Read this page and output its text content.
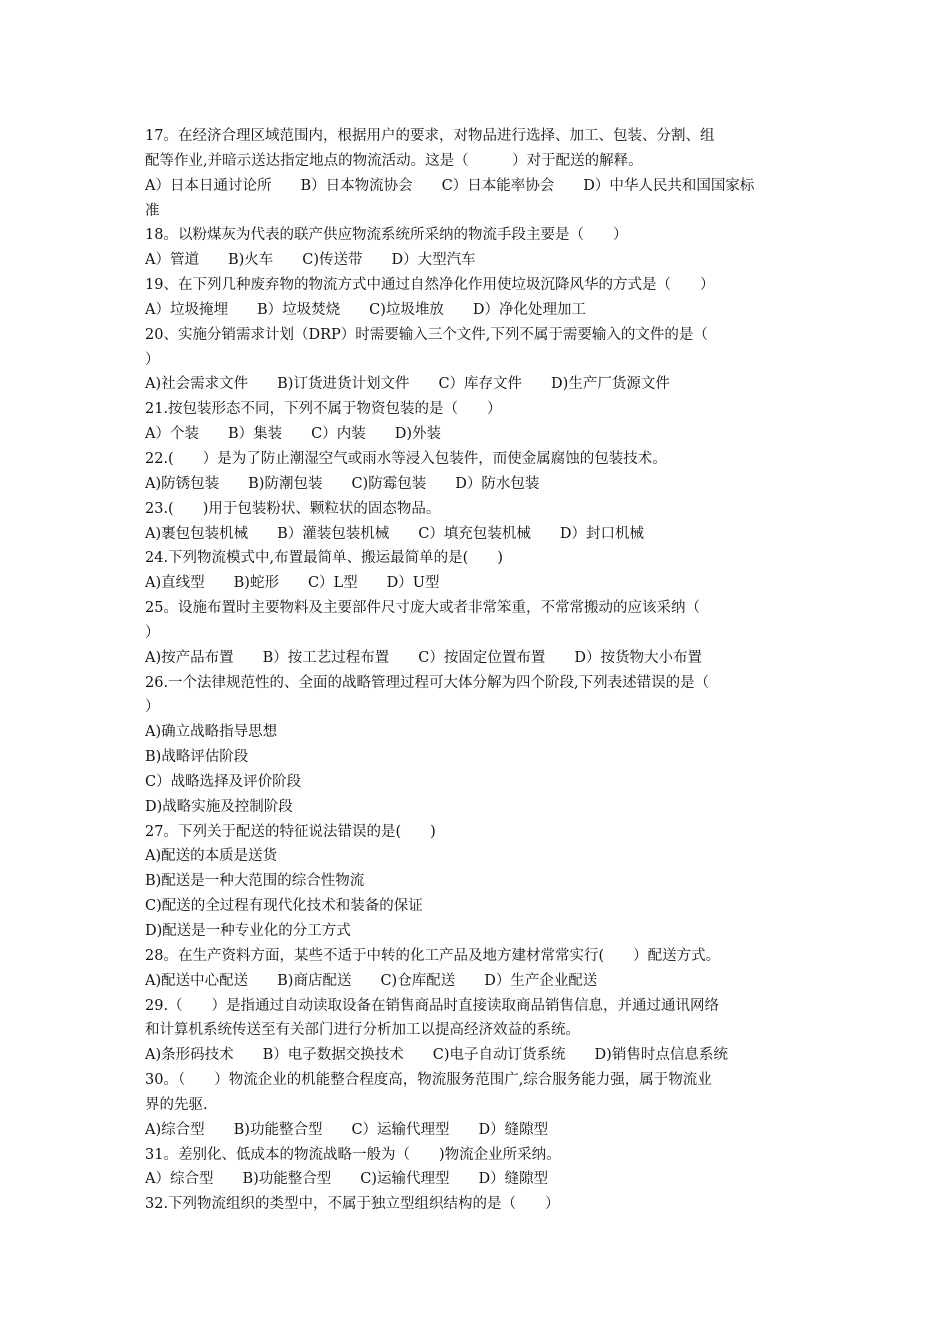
17。在经济合理区域范围内，根据用户的要求，对物品进行选择、加工、包装、分割、组
配等作业,并暗示送达指定地点的物流活动。这是（　　　）对于配送的解释。
A）日本日通讨论所　　B）日本物流协会　　C）日本能率协会　　D）中华人民共和国国家标
准
18。以粉煤灰为代表的联产供应物流系统所采纳的物流手段主要是（　　）
A）管道　　B)火车　　C)传送带　　D）大型汽车
19、在下列几种废弃物的物流方式中通过自然净化作用使垃圾沉降风华的方式是（　　）
A）垃圾掩埋　　B）垃圾焚烧　　C)垃圾堆放　　D）净化处理加工
20、实施分销需求计划（DRP）时需要输入三个文件,下列不属于需要输入的文件的是（
）
A)社会需求文件　　B)订货进货计划文件　　C）库存文件　　D)生产厂货源文件
21.按包装形态不同，下列不属于物资包装的是（　　）
A）个装　　B）集装　　C）内装　　D)外装
22.(　　）是为了防止潮湿空气或雨水等浸入包装件，而使金属腐蚀的包装技术。
A)防锈包装　　B)防潮包装　　C)防霉包装　　D）防水包装
23.(　　)用于包装粉状、颗粒状的固态物品。
A)裹包包装机械　　B）灌装包装机械　　C）填充包装机械　　D）封口机械
24.下列物流模式中,布置最简单、搬运最简单的是(　　)
A)直线型　　B)蛇形　　C）L型　　D）U型
25。设施布置时主要物料及主要部件尺寸庞大或者非常笨重，不常常搬动的应该采纳（
）
A)按产品布置　　B）按工艺过程布置　　C）按固定位置布置　　D）按货物大小布置
26.一个法律规范性的、全面的战略管理过程可大体分解为四个阶段,下列表述错误的是（
）
A)确立战略指导思想
B)战略评估阶段
C）战略选择及评价阶段
D)战略实施及控制阶段
27。下列关于配送的特征说法错误的是(　　)
A)配送的本质是送货
B)配送是一种大范围的综合性物流
C)配送的全过程有现代化技术和装备的保证
D)配送是一种专业化的分工方式
28。在生产资料方面，某些不适于中转的化工产品及地方建材常常实行(　　）配送方式。
A)配送中心配送　　B)商店配送　　C)仓库配送　　D）生产企业配送
29.（　　）是指通过自动读取设备在销售商品时直接读取商品销售信息，并通过通讯网络
和计算机系统传送至有关部门进行分析加工以提高经济效益的系统。
A)条形码技术　　B）电子数据交换技术　　C)电子自动订货系统　　D)销售时点信息系统
30。（　　）物流企业的机能整合程度高，物流服务范围广,综合服务能力强，属于物流业
界的先驱.
A)综合型　　B)功能整合型　　C）运输代理型　　D）缝隙型
31。差别化、低成本的物流战略一般为（　　)物流企业所采纳。
A）综合型　　B)功能整合型　　C)运输代理型　　D）缝隙型
32.下列物流组织的类型中，不属于独立型组织结构的是（　　）
